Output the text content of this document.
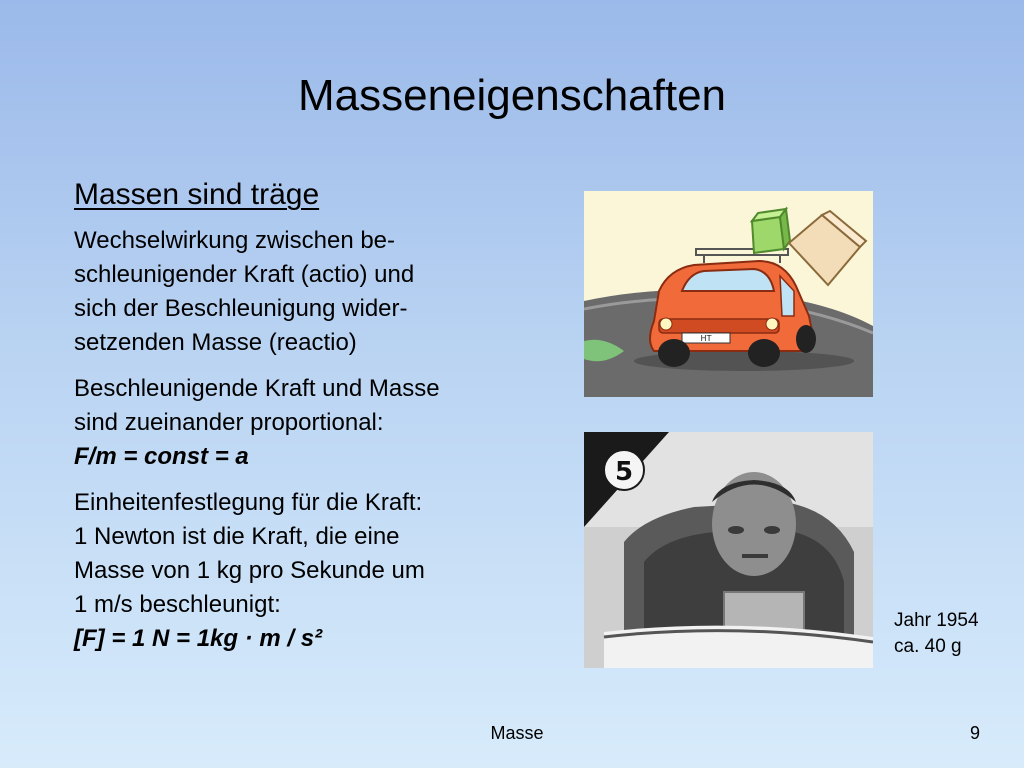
Masseneigenschaften
Massen sind träge

Wechselwirkung zwischen be-
schleunigender Kraft (actio) und
sich der Beschleunigung wider-
setzenden Masse (reactio)

Beschleunigende Kraft und Masse
sind zueinander proportional:
F/m = const = a

Einheitenfestlegung für die Kraft:
1 Newton ist die Kraft, die eine
Masse von 1 kg pro Sekunde um
1 m/s beschleunigt:
[F] = 1 N = 1kg · m / s²

HT
5
Jahr 1954
ca. 40 g
Masse	9
